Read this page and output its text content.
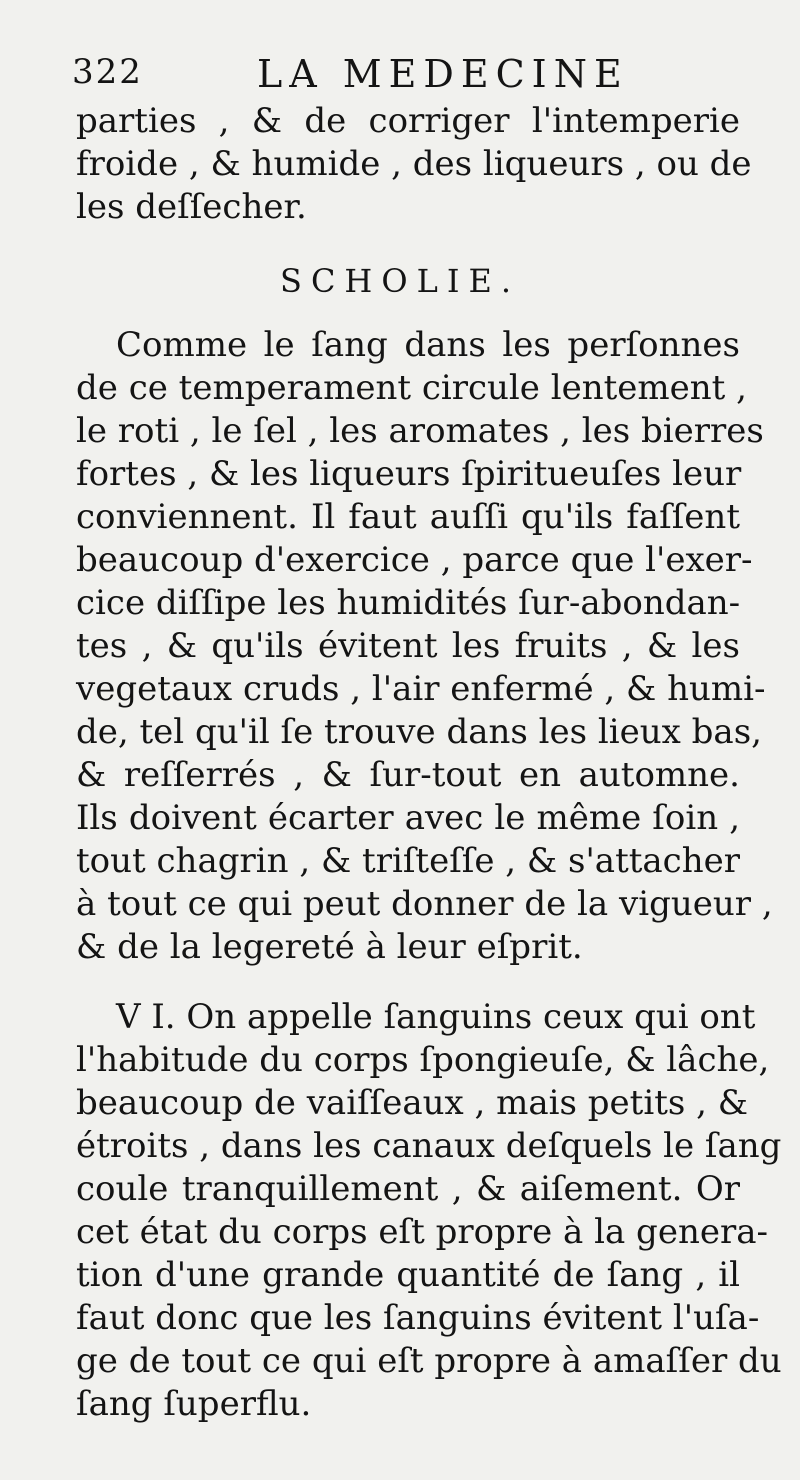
322	LA MEDECINE
parties , & de corriger l'intemperie
froide , & humide , des liqueurs , ou de
les deſſecher.
SCHOLIE.
Comme le ſang dans les perſonnes
de ce temperament circule lentement ,
le roti , le ſel , les aromates , les bierres
fortes , & les liqueurs ſpiritueuſes leur
conviennent. Il faut auſſi qu'ils faſſent
beaucoup d'exercice , parce que l'exer-
cice diſſipe les humidités ſur-abondan-
tes , & qu'ils évitent les fruits , & les
vegetaux cruds , l'air enfermé , & humi-
de, tel qu'il ſe trouve dans les lieux bas,
& reſſerrés , & ſur-tout en automne.
Ils doivent écarter avec le même ſoin ,
tout chagrin , & triſteſſe , & s'attacher
à tout ce qui peut donner de la vigueur ,
& de la legereté à leur eſprit.
V I. On appelle ſanguins ceux qui ont
l'habitude du corps ſpongieuſe, & lâche,
beaucoup de vaiſſeaux , mais petits , &
étroits , dans les canaux deſquels le ſang
coule tranquillement , & aiſement. Or
cet état du corps eſt propre à la genera-
tion d'une grande quantité de ſang , il
faut donc que les ſanguins évitent l'uſa-
ge de tout ce qui eſt propre à amaſſer du
ſang ſuperflu.
